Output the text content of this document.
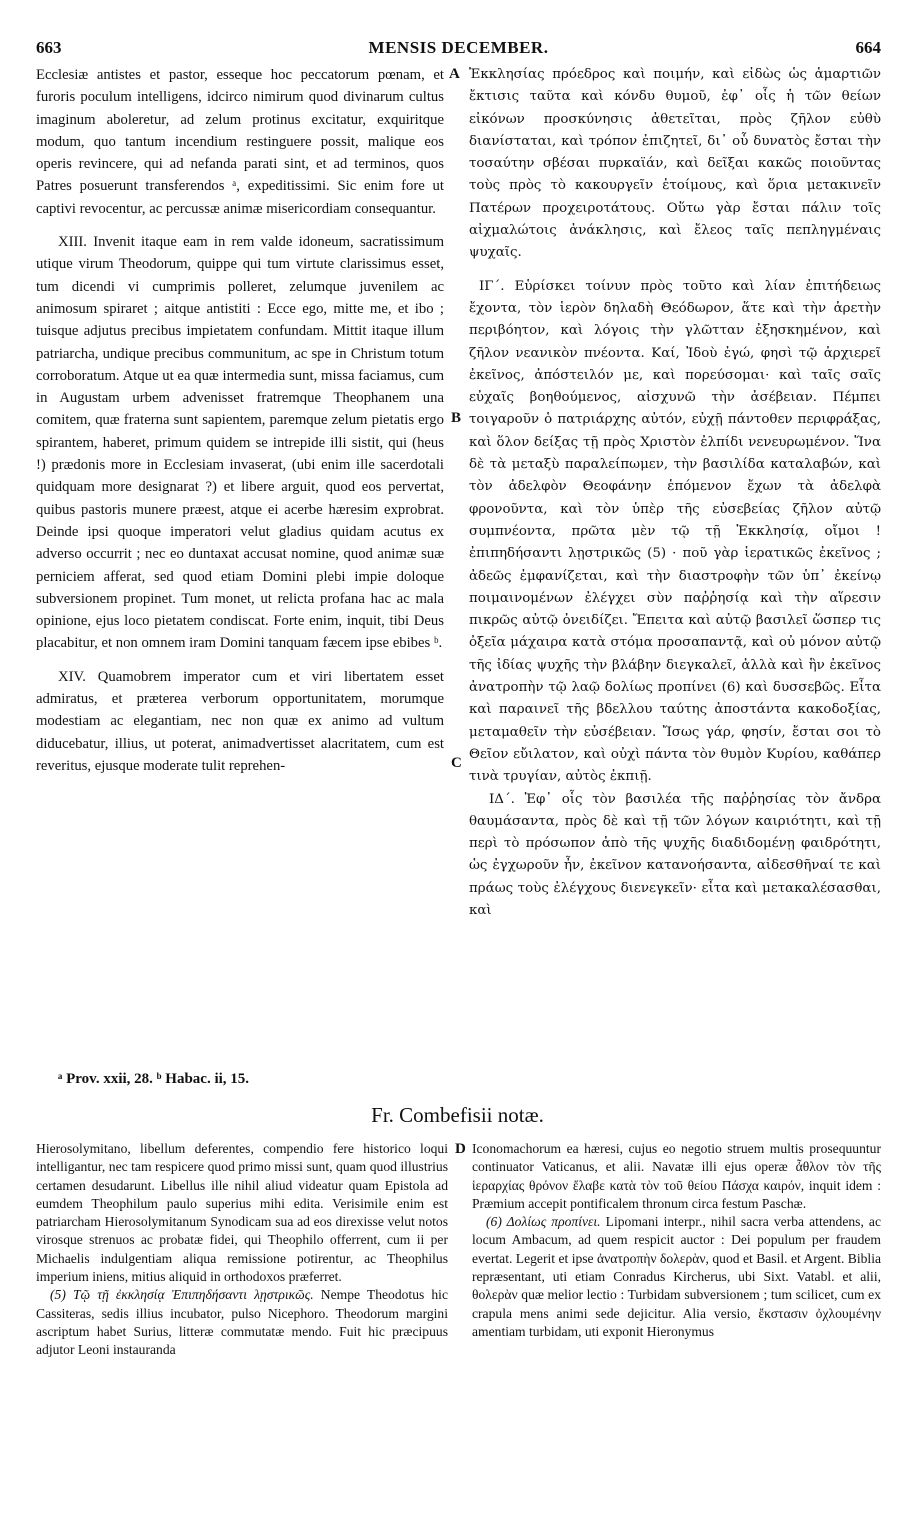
663	MENSIS DECEMBER.	664

Ecclesiæ antistes et pastor, esseque hoc peccatorum pœnam, et furoris poculum intelligens, idcirco nimirum quod divinarum cultus imaginum aboleretur, ad zelum protinus excitatur, exquiritque modum, quo tantum incendium restinguere possit, malique eos operis revincere, qui ad nefanda parati sint, et ad terminos, quos Patres posuerunt transferendos ᵃ, expeditissimi. Sic enim fore ut captivi revocentur, ac percussæ animæ misericordiam consequantur.

XIII. Invenit itaque eam in rem valde idoneum, sacratissimum utique virum Theodorum, quippe qui tum virtute clarissimus esset, tum dicendi vi cumprimis polleret, zelumque juvenilem ac animosum spiraret ; aitque antistiti : Ecce ego, mitte me, et ibo ; tuisque adjutus precibus impietatem confundam. Mittit itaque illum patriarcha, undique precibus communitum, ac spe in Christum totum corroboratum. Atque ut ea quæ intermedia sunt, missa faciamus, cum in Augustam urbem advenisset fratremque Theophanem una comitem, quæ fraterna sunt sapientem, paremque zelum pietatis ergo spirantem, haberet, primum quidem se intrepide illi sistit, qui (heus !) prædonis more in Ecclesiam invaserat, (ubi enim ille sacerdotali quidquam more designarat ?) et libere arguit, quod eos pervertat, quibus pastoris munere præest, atque ei acerbe hæresim exprobrat. Deinde ipsi quoque imperatori velut gladius quidam acutus ex adverso occurrit ; nec eo duntaxat accusat nomine, quod animæ suæ perniciem afferat, sed quod etiam Domini plebi impie doloque subversionem propinet. Tum monet, ut relicta profana hac ac mala opinione, ejus loco pietatem condiscat. Forte enim, inquit, tibi Deus placabitur, et non omnem iram Domini tanquam fæcem ipse ebibes ᵇ.

XIV. Quamobrem imperator cum et viri libertatem esset admiratus, et præterea verborum opportunitatem, morumque modestiam ac elegantiam, nec non quæ ex animo ad vultum diducebatur, illius, ut poterat, animadvertisset alacritatem, cum est reveritus, ejusque moderate tulit reprehen-

A
B
C

Ἐκκλησίας πρόεδρος καὶ ποιμήν, καὶ εἰδὼς ὡς ἁμαρτιῶν ἔκτισις ταῦτα καὶ κόνδυ θυμοῦ, ἐφ᾽ οἷς ἡ τῶν θείων εἰκόνων προσκύνησις ἀθετεῖται, πρὸς ζῆλον εὐθὺ διανίσταται, καὶ τρόπον ἐπιζητεῖ, δι᾽ οὗ δυνατὸς ἔσται τὴν τοσαύτην σβέσαι πυρκαϊάν, καὶ δεῖξαι κακῶς ποιοῦντας τοὺς πρὸς τὸ κακουργεῖν ἑτοίμους, καὶ ὅρια μετακινεῖν Πατέρων προχειροτάτους. Οὕτω γὰρ ἔσται πάλιν τοῖς αἰχμαλώτοις ἀνάκλησις, καὶ ἔλεος ταῖς πεπληγμέναις ψυχαῖς.

ΙΓ΄. Εὑρίσκει τοίνυν πρὸς τοῦτο καὶ λίαν ἐπιτήδειως ἔχοντα, τὸν ἱερὸν δηλαδὴ Θεόδωρον, ἅτε καὶ τὴν ἀρετὴν περιβόητον, καὶ λόγοις τὴν γλῶτταν ἐξησκημένον, καὶ ζῆλον νεανικὸν πνέοντα. Καί, Ἰδοὺ ἐγώ, φησὶ τῷ ἀρχιερεῖ ἐκεῖνος, ἀπόστειλόν με, καὶ πορεύσομαι· καὶ ταῖς σαῖς εὐχαῖς βοηθούμενος, αἰσχυνῶ τὴν ἀσέβειαν. Πέμπει τοιγαροῦν ὁ πατριάρχης αὐτόν, εὐχῇ πάντοθεν περιφράξας, καὶ ὅλον δείξας τῇ πρὸς Χριστὸν ἐλπίδι νενευρωμένον. Ἵνα δὲ τὰ μεταξὺ παραλείπωμεν, τὴν βασιλίδα καταλαβών, καὶ τὸν ἀδελφὸν Θεοφάνην ἑπόμενον ἔχων τὰ ἀδελφὰ φρονοῦντα, καὶ τὸν ὑπὲρ τῆς εὐσεβείας ζῆλον αὐτῷ συμπνέοντα, πρῶτα μὲν τῷ τῇ Ἐκκλησίᾳ, οἴμοι ! ἐπιπηδήσαντι λῃστρικῶς (5) · ποῦ γὰρ ἱερατικῶς ἐκεῖνος ; ἀδεῶς ἐμφανίζεται, καὶ τὴν διαστροφὴν τῶν ὑπ᾽ ἐκείνῳ ποιμαινομένων ἐλέγχει σὺν παῤῥησίᾳ καὶ τὴν αἵρεσιν πικρῶς αὐτῷ ὀνειδίζει. Ἔπειτα καὶ αὐτῷ βασιλεῖ ὥσπερ τις ὀξεῖα μάχαιρα κατὰ στόμα προσαπαντᾷ, καὶ οὐ μόνον αὐτῷ τῆς ἰδίας ψυχῆς τὴν βλάβην διεγκαλεῖ, ἀλλὰ καὶ ἣν ἐκεῖνος ἀνατροπὴν τῷ λαῷ δολίως προπίνει (6) καὶ δυσσεβῶς. Εἶτα καὶ παραινεῖ τῆς βδελλου ταύτης ἀποστάντα κακοδοξίας, μεταμαθεῖν τὴν εὐσέβειαν. Ἴσως γάρ, φησίν, ἔσται σοι τὸ Θεῖον εὔιλατον, καὶ οὐχὶ πάντα τὸν θυμὸν Κυρίου, καθάπερ τινὰ τρυγίαν, αὐτὸς ἐκπιῇ.

ΙΔ΄. Ἐφ᾽ οἷς τὸν βασιλέα τῆς παῤῥησίας τὸν ἄνδρα θαυμάσαντα, πρὸς δὲ καὶ τῇ τῶν λόγων καιριότητι, καὶ τῇ περὶ τὸ πρόσωπον ἀπὸ τῆς ψυχῆς διαδιδομένῃ φαιδρότητι, ὡς ἐγχωροῦν ἦν, ἐκεῖνον κατανοήσαντα, αἰδεσθῆναί τε καὶ πράως τοὺς ἐλέγχους διενεγκεῖν· εἶτα καὶ μετακαλέσασθαι, καὶ

ᵃ Prov. xxii, 28. ᵇ Habac. ii, 15.
Fr. Combefisii notæ.

Hierosolymitano, libellum deferentes, compendio fere historico loqui intelligantur, nec tam respicere quod primo missi sunt, quam quod illustrius certamen desudarunt. Libellus ille nihil aliud videatur quam Epistola ad eumdem Theophilum paulo superius mihi edita. Verisimile enim est patriarcham Hierosolymitanum Synodicam sua ad eos direxisse velut notos virosque strenuos ac probatæ fidei, qui Theophilo offerrent, cum ii per Michaelis indulgentiam aliqua remissione potirentur, ac Theophilus imperium iniens, mitius aliquid in orthodoxos præferret.

(5) Τῷ τῇ ἐκκλησίᾳ Ἐπιπηδήσαντι λῃστρικῶς. Nempe Theodotus hic Cassiteras, sedis illius incubator, pulso Nicephoro. Theodorum margini ascriptum habet Surius, litteræ commutatæ mendo. Fuit hic præcipuus adjutor Leoni instauranda

D Iconomachorum ea hæresi, cujus eo negotio struem multis prosequuntur continuator Vaticanus, et alii. Navatæ illi ejus operæ ἆθλον τὸν τῆς ἱεραρχίας θρόνον ἔλαβε κατὰ τὸν τοῦ θείου Πάσχα καιρόν, inquit idem : Præmium accepit pontificalem thronum circa festum Paschæ.

(6) Δολίως προπίνει. Lipomani interpr., nihil sacra verba attendens, ac locum Ambacum, ad quem respicit auctor : Dei populum per fraudem evertat. Legerit et ipse ἀνατροπὴν δολερὰν, quod et Basil. et Argent. Biblia repræsentant, uti etiam Conradus Kircherus, ubi Sixt. Vatabl. et alii, θολερὰν quæ melior lectio : Turbidam subversionem ; tum scilicet, cum ex crapula mens animi sede dejicitur. Alia versio, ἔκστασιν ὀχλουμένην amentiam turbidam, uti exponit Hieronymus
